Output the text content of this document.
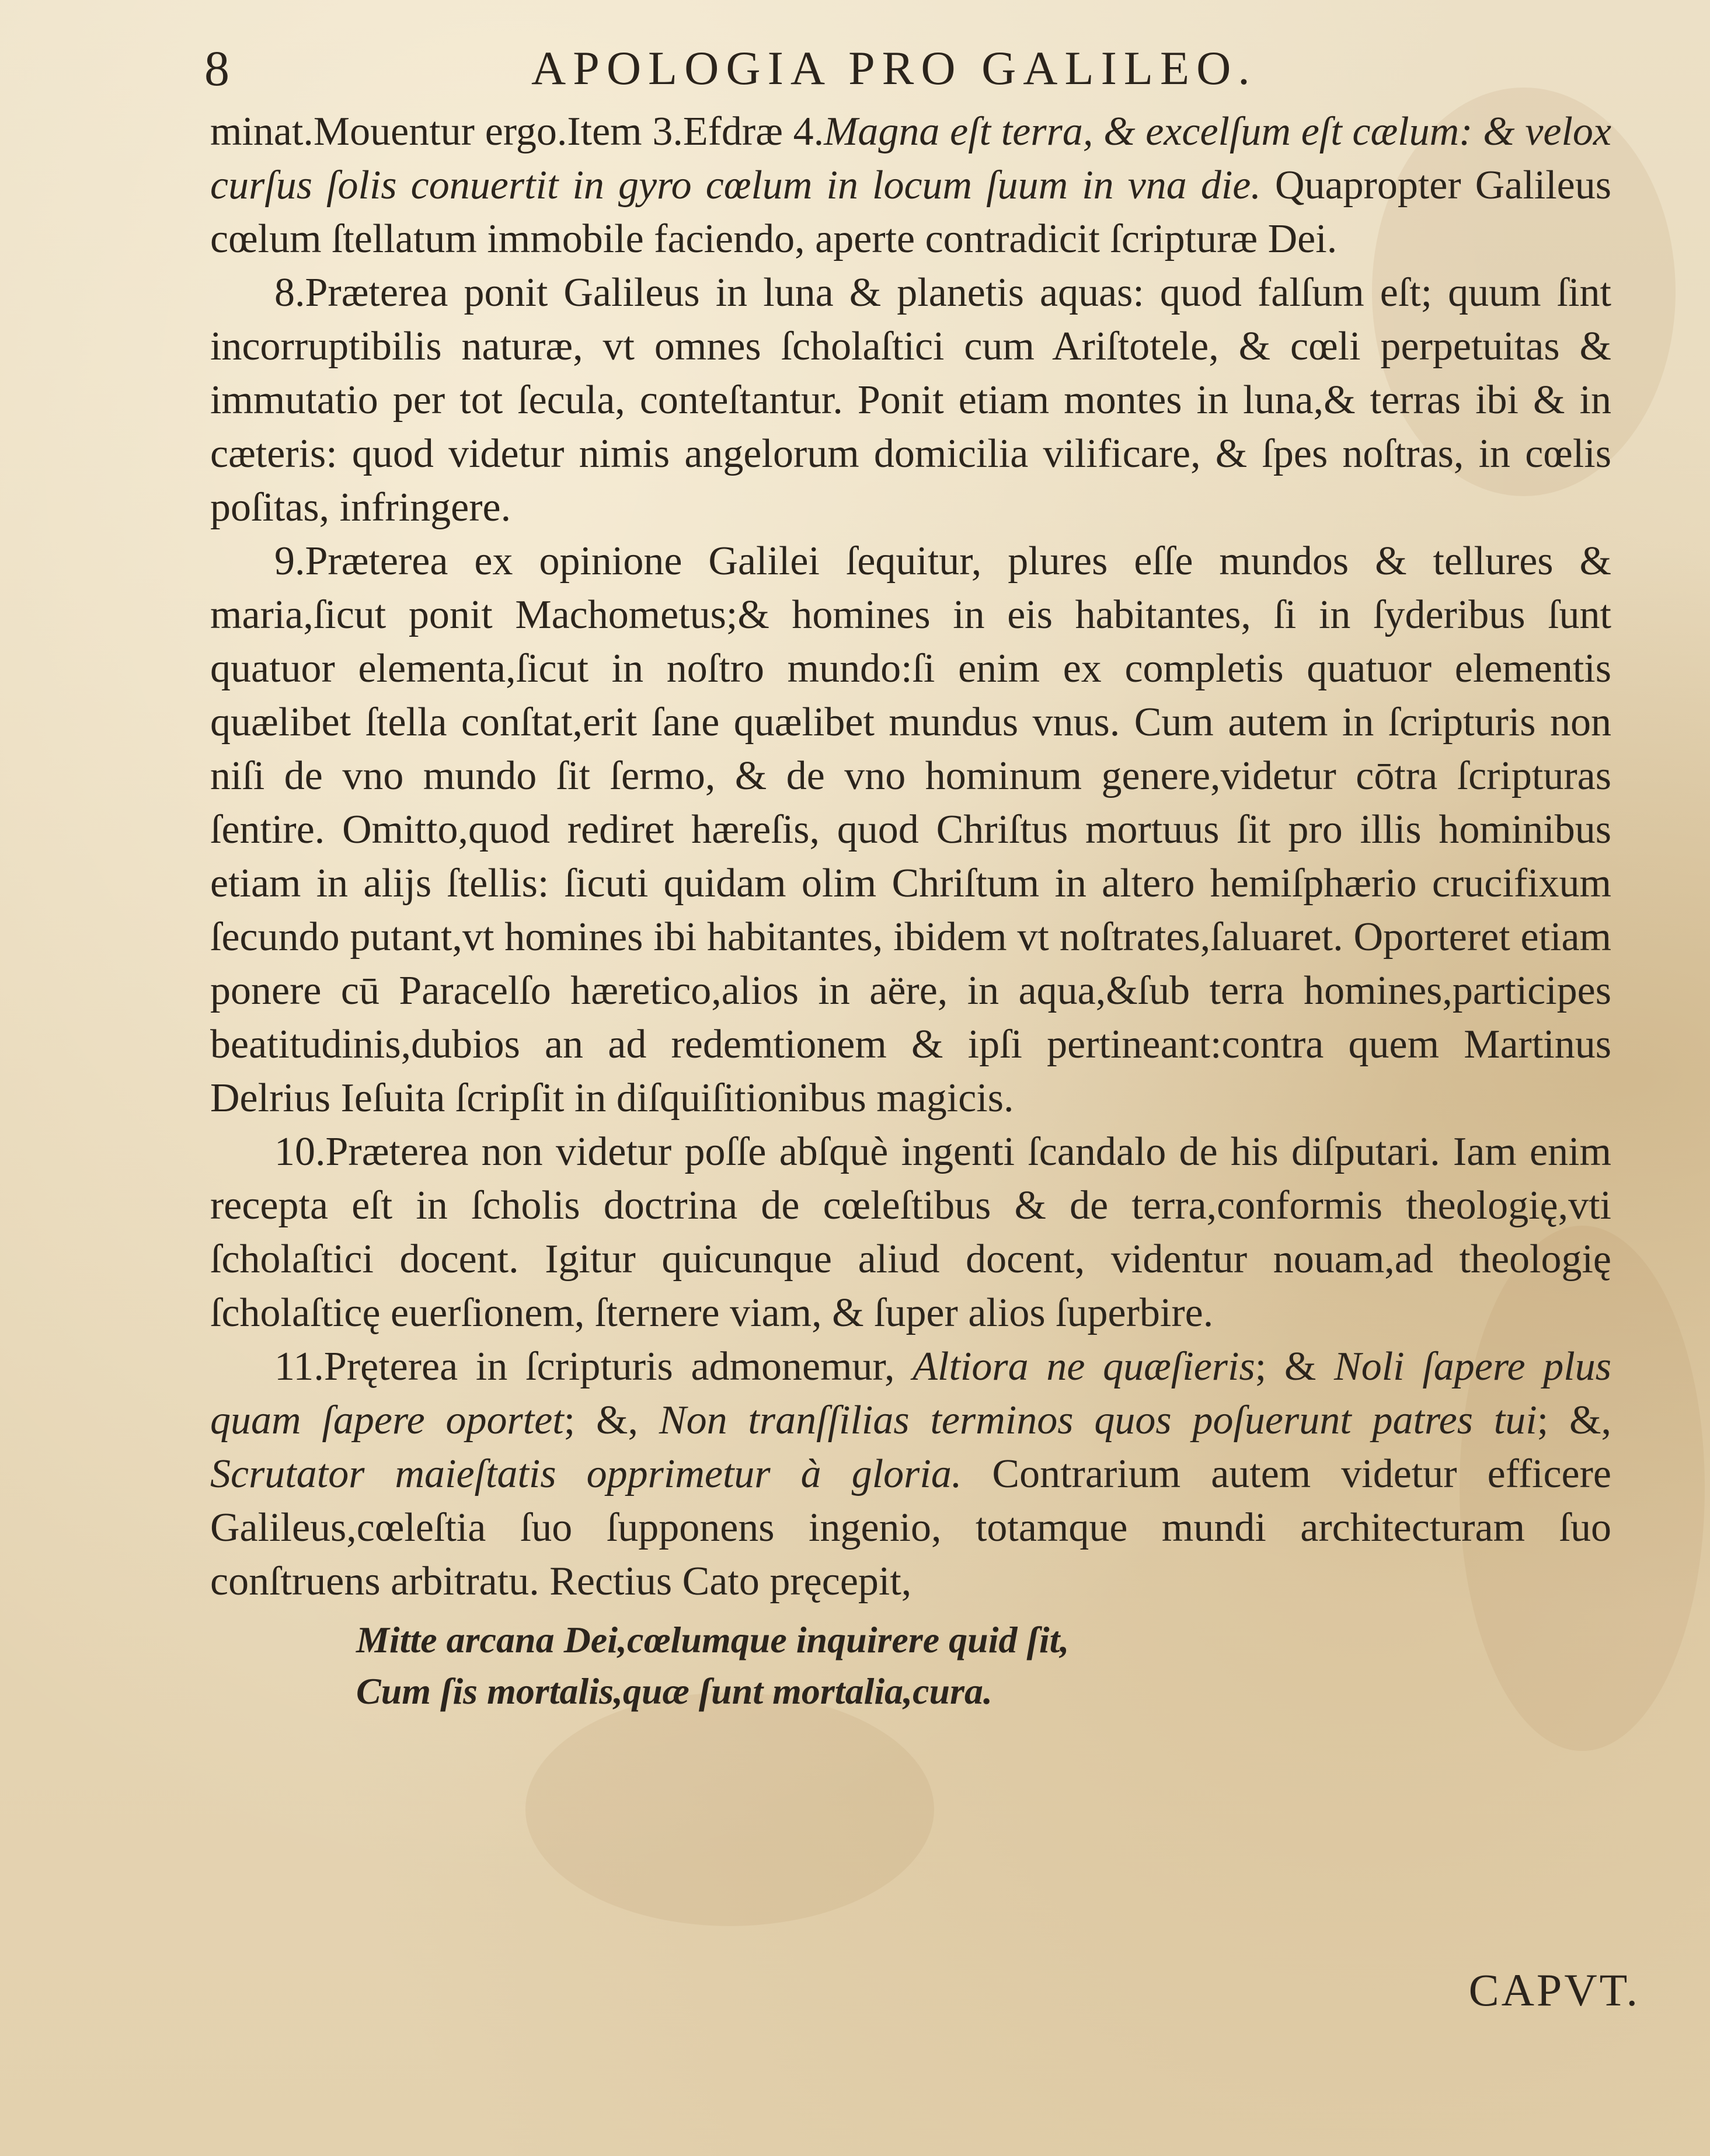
8	APOLOGIA PRO GALILEO.

minat.Mouentur ergo.Item 3.Efdræ 4.Magna eſt terra, & excelſum eſt cælum: & velox curſus ſolis conuertit in gyro cœlum in locum ſuum in vna die. Quapropter Galileus cœlum ſtellatum immobile faciendo, aperte contradicit ſcripturæ Dei.

8.Præterea ponit Galileus in luna & planetis aquas: quod falſum eſt; quum ſint incorruptibilis naturæ, vt omnes ſcholaſtici cum Ariſtotele, & cœli perpetuitas & immutatio per tot ſecula, conteſtantur. Ponit etiam montes in luna,& terras ibi & in cæteris: quod videtur nimis angelorum domicilia vilificare, & ſpes noſtras, in cœlis poſitas, infringere.

9.Præterea ex opinione Galilei ſequitur, plures eſſe mundos & tellures & maria,ſicut ponit Machometus;& homines in eis habitantes, ſi in ſyderibus ſunt quatuor elementa,ſicut in noſtro mundo:ſi enim ex completis quatuor elementis quælibet ſtella conſtat,erit ſane quælibet mundus vnus. Cum autem in ſcripturis non niſi de vno mundo ſit ſermo, & de vno hominum genere,videtur cōtra ſcripturas ſentire. Omitto,quod rediret hæreſis, quod Chriſtus mortuus ſit pro illis hominibus etiam in alijs ſtellis: ſicuti quidam olim Chriſtum in altero hemiſphærio crucifixum ſecundo putant,vt homines ibi habitantes, ibidem vt noſtrates,ſaluaret. Oporteret etiam ponere cū Paracelſo hæretico,alios in aëre, in aqua,&ſub terra homines,participes beatitudinis,dubios an ad redemtionem & ipſi pertineant:contra quem Martinus Delrius Ieſuita ſcripſit in diſquiſitionibus magicis.

10.Præterea non videtur poſſe abſquè ingenti ſcandalo de his diſputari. Iam enim recepta eſt in ſcholis doctrina de cœleſtibus & de terra,conformis theologię,vti ſcholaſtici docent. Igitur quicunque aliud docent, videntur nouam,ad theologię ſcholaſticę euerſionem, ſternere viam, & ſuper alios ſuperbire.

11.Pręterea in ſcripturis admonemur, Altiora ne quæſieris; & Noli ſapere plus quam ſapere oportet; &, Non tranſſilias terminos quos poſuerunt patres tui; &, Scrutator maieſtatis opprimetur à gloria. Contrarium autem videtur efficere Galileus,cœleſtia ſuo ſupponens ingenio, totamque mundi architecturam ſuo conſtruens arbitratu. Rectius Cato pręcepit,

Mitte arcana Dei,cœlumque inquirere quid ſit,
Cum ſis mortalis,quæ ſunt mortalia,cura.
CAPVT.
